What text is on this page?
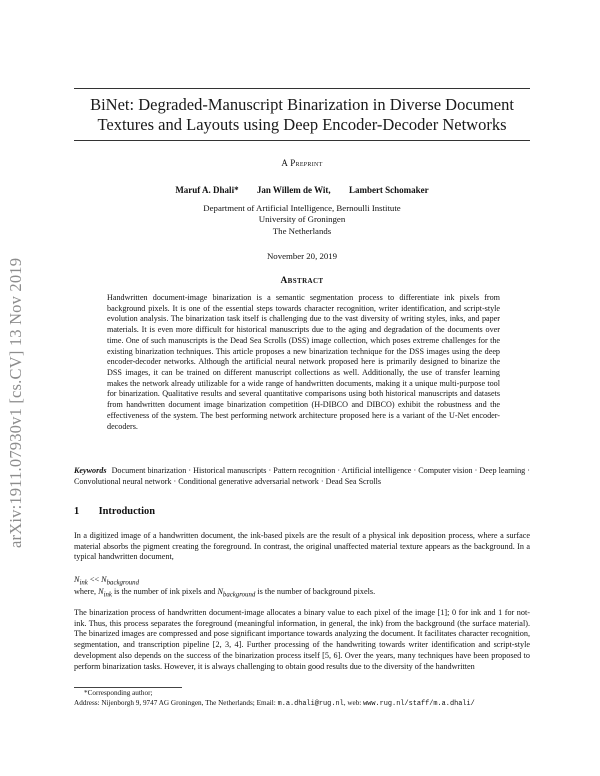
arXiv:1911.07930v1 [cs.CV] 13 Nov 2019
BiNet: Degraded-Manuscript Binarization in Diverse Document
Textures and Layouts using Deep Encoder-Decoder Networks
A Preprint
Maruf A. Dhali* Jan Willem de Wit, Lambert Schomaker
Department of Artificial Intelligence, Bernoulli Institute
University of Groningen
The Netherlands
November 20, 2019
Abstract

Handwritten document-image binarization is a semantic segmentation process to differentiate ink pixels from background pixels. It is one of the essential steps towards character recognition, writer identification, and script-style evolution analysis. The binarization task itself is challenging due to the vast diversity of writing styles, inks, and paper materials. It is even more difficult for historical manuscripts due to the aging and degradation of the documents over time. One of such manuscripts is the Dead Sea Scrolls (DSS) image collection, which poses extreme challenges for the existing binarization techniques. This article proposes a new binarization technique for the DSS images using the deep encoder-decoder networks. Although the artificial neural network proposed here is primarily designed to binarize the DSS images, it can be trained on different manuscript collections as well. Additionally, the use of transfer learning makes the network already utilizable for a wide range of handwritten documents, making it a unique multi-purpose tool for binarization. Qualitative results and several quantitative comparisons using both historical manuscripts and datasets from handwritten document image binarization competition (H-DIBCO and DIBCO) exhibit the robustness and the effectiveness of the system. The best performing network architecture proposed here is a variant of the U-Net encoder-decoders.

Keywords Document binarization · Historical manuscripts · Pattern recognition · Artificial intelligence · Computer vision · Deep learning · Convolutional neural network · Conditional generative adversarial network · Dead Sea Scrolls
1 Introduction

In a digitized image of a handwritten document, the ink-based pixels are the result of a physical ink deposition process, where a surface material absorbs the pigment creating the foreground. In contrast, the original unaffected material texture appears as the background. In a typical handwritten document,

$N_{ink} << N_{background}$
where, $N_{ink}$ is the number of ink pixels and $N_{background}$ is the number of background pixels.

The binarization process of handwritten document-image allocates a binary value to each pixel of the image [1]; 0 for ink and 1 for not-ink. Thus, this process separates the foreground (meaningful information, in general, the ink) from the background (the surface material). The binarized images are compressed and pose significant importance towards analyzing the document. It facilitates character recognition, segmentation, and transcription pipeline [2, 3, 4]. Further processing of the handwriting towards writer identification and script-style development also depends on the success of the binarization process itself [5, 6]. Over the years, many techniques have been proposed to perform binarization tasks. However, it is always challenging to obtain good results due to the diversity of the handwritten

*Corresponding author;
Address: Nijenborgh 9, 9747 AG Groningen, The Netherlands; Email: m.a.dhali@rug.nl, web: www.rug.nl/staff/m.a.dhali/
